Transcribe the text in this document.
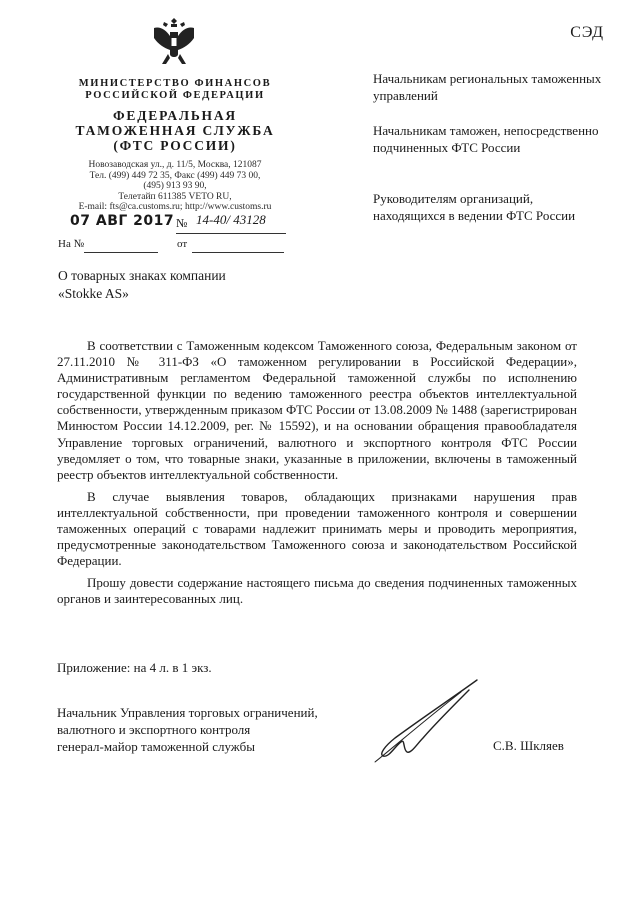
СЭД
МИНИСТЕРСТВО ФИНАНСОВ
РОССИЙСКОЙ ФЕДЕРАЦИИ
ФЕДЕРАЛЬНАЯ
ТАМОЖЕННАЯ СЛУЖБА
(ФТС РОССИИ)
Новозаводская ул., д. 11/5, Москва, 121087
Тел. (499) 449 72 35, Факс (499) 449 73 00,
(495) 913 93 90,
Телетайп 611385 VETO RU,
E-mail: fts@ca.customs.ru; http://www.customs.ru
07 АВГ 2017 № 14-40/ 43128
На №	от
Начальникам региональных таможенных управлений
Начальникам таможен, непосредственно подчиненных ФТС России
Руководителям организаций, находящихся в ведении ФТС России
О товарных знаках компании
«Stokke AS»

В соответствии с Таможенным кодексом Таможенного союза, Федеральным законом от 27.11.2010 № 311-ФЗ «О таможенном регулировании в Российской Федерации», Административным регламентом Федеральной таможенной службы по исполнению государственной функции по ведению таможенного реестра объектов интеллектуальной собственности, утвержденным приказом ФТС России от 13.08.2009 № 1488 (зарегистрирован Минюстом России 14.12.2009, рег. № 15592), и на основании обращения правообладателя Управление торговых ограничений, валютного и экспортного контроля ФТС России уведомляет о том, что товарные знаки, указанные в приложении, включены в таможенный реестр объектов интеллектуальной собственности.

В случае выявления товаров, обладающих признаками нарушения прав интеллектуальной собственности, при проведении таможенного контроля и совершении таможенных операций с товарами надлежит принимать меры и проводить мероприятия, предусмотренные законодательством Таможенного союза и законодательством Российской Федерации.

Прошу довести содержание настоящего письма до сведения подчиненных таможенных органов и заинтересованных лиц.

Приложение: на 4 л. в 1 экз.
Начальник Управления торговых ограничений,
валютного и экспортного контроля
генерал-майор таможенной службы	С.В. Шкляев
